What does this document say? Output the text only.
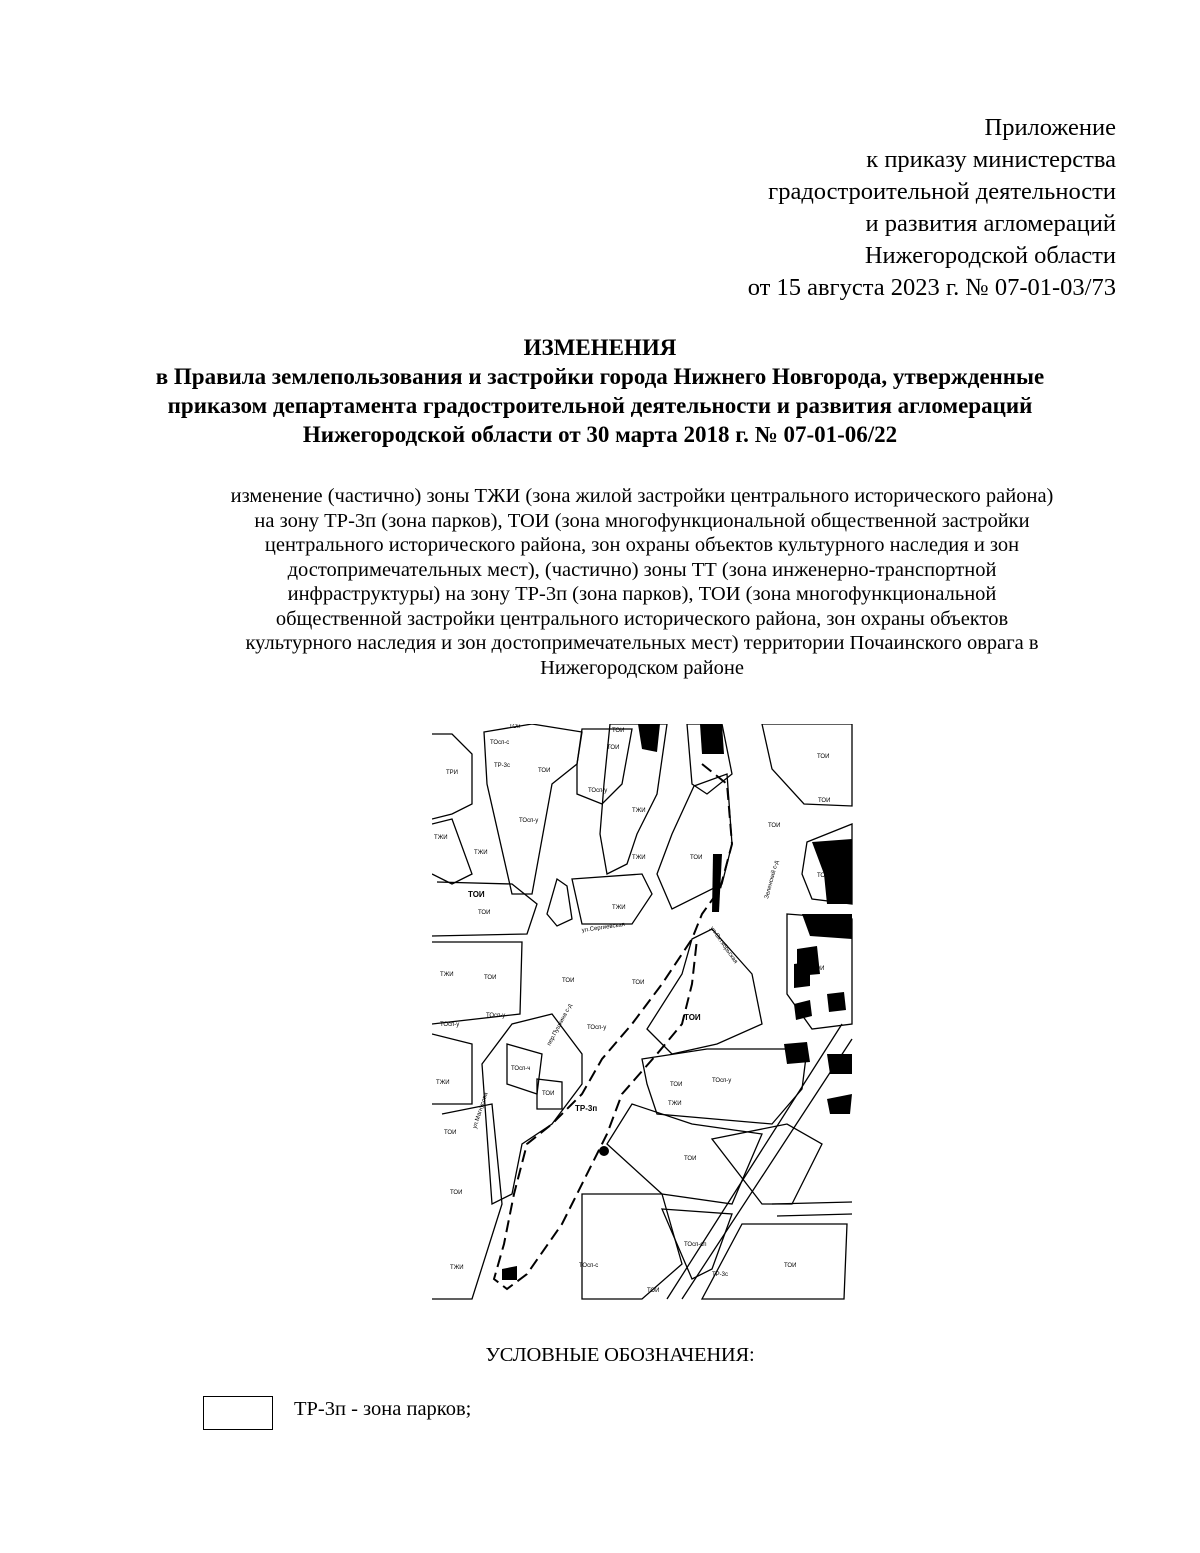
Приложение
к приказу министерства
градостроительной деятельности
и развития агломераций
Нижегородской области
от 15 августа 2023 г. № 07-01-03/73
ИЗМЕНЕНИЯ
в Правила землепользования и застройки города Нижнего Новгорода, утвержденные
приказом департамента градостроительной деятельности и развития агломераций
Нижегородской области от 30 марта 2018 г. № 07-01-06/22
изменение (частично) зоны ТЖИ (зона жилой застройки центрального исторического района)
на зону ТР-3п (зона парков), ТОИ (зона многофункциональной общественной застройки
центрального исторического района, зон охраны объектов культурного наследия и зон
достопримечательных мест), (частично) зоны ТТ (зона инженерно-транспортной
инфраструктуры) на зону ТР-3п (зона парков), ТОИ (зона многофункциональной
общественной застройки центрального исторического района, зон охраны объектов
культурного наследия и зон достопримечательных мест) территории Почаинского оврага в
Нижегородском районе
ТОи
ТОсп-с
ТР-3с
ТОИ
ТРИ
ТОсп-у
ТЖИ
ТОсп-у
ТЖИ
ТЖИ
ТОИ
ТЖИ	ТОИ
ТОИ
ТОИ
ТОИ
ТЖИ
ТОИ
ТОИ
ТОИ
ТОсп-у
ТОсп-у
ТОИ
ТОсп-у
ТОИ
ТОсп-ч
ТОИ
ТЖИ
ТОИ
ТОИ
ТОИ
ТОсп-у
ТЖИ
ТОИ
ТОсп-сп
ТОсп-с
ТР-3с
ТОИ
ТОИ
ТЖИ
ТОИ
ТОИ
ТЖИ
ТОИ
ТР-3п
ТОИ
ул.Сергиевская	ул.Октябрьская
Зеленский с-д
пер.Пушкина с-д
ул.Магнусова
УСЛОВНЫЕ ОБОЗНАЧЕНИЯ:
ТР-3п - зона парков;
